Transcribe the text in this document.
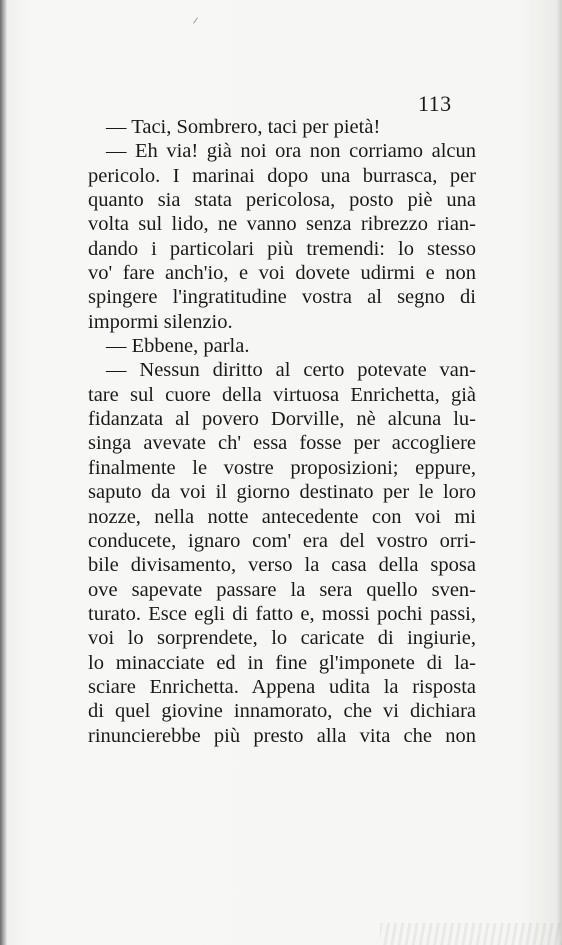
113
— Taci, Sombrero, taci per pietà!
— Eh via! già noi ora non corriamo alcun
pericolo. I marinai dopo una burrasca, per
quanto sia stata pericolosa, posto piè una
volta sul lido, ne vanno senza ribrezzo rian-
dando i particolari più tremendi: lo stesso
vo' fare anch'io, e voi dovete udirmi e non
spingere l'ingratitudine vostra al segno di
impormi silenzio.
— Ebbene, parla.
— Nessun diritto al certo potevate van-
tare sul cuore della virtuosa Enrichetta, già
fidanzata al povero Dorville, nè alcuna lu-
singa avevate ch' essa fosse per accogliere
finalmente le vostre proposizioni; eppure,
saputo da voi il giorno destinato per le loro
nozze, nella notte antecedente con voi mi
conducete, ignaro com' era del vostro orri-
bile divisamento, verso la casa della sposa
ove sapevate passare la sera quello sven-
turato. Esce egli di fatto e, mossi pochi passi,
voi lo sorprendete, lo caricate di ingiurie,
lo minacciate ed in fine gl'imponete di la-
sciare Enrichetta. Appena udita la risposta
di quel giovine innamorato, che vi dichiara
rinuncierebbe più presto alla vita che non
